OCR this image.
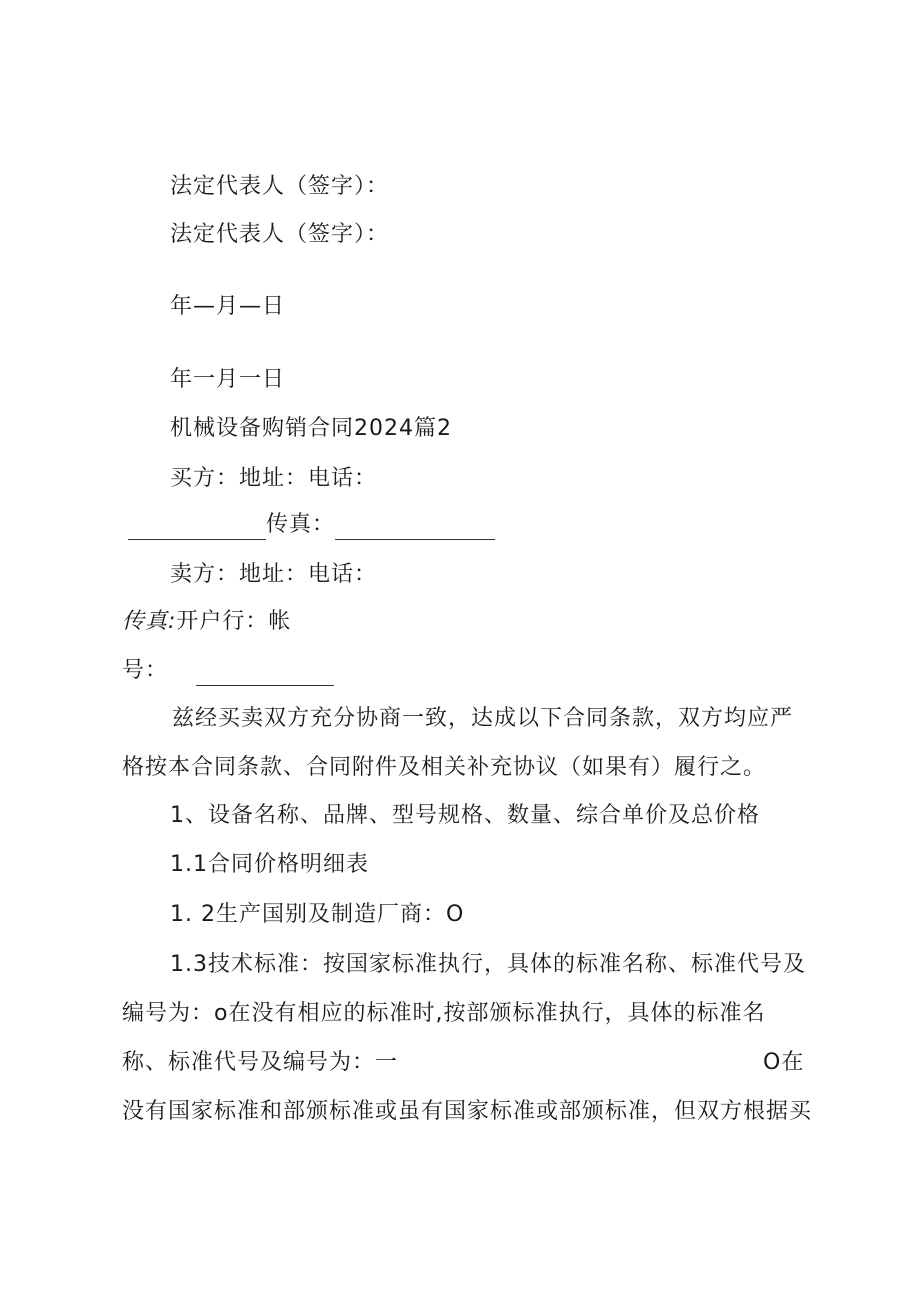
法定代表人（签字）：
法定代表人（签字）：
年—月—日
年一月一日
机械设备购销合同2024篇2
买方：地址：电话：
传真：
卖方：地址：电话：
传真:开户行：帐
号：
兹经买卖双方充分协商一致，达成以下合同条款，双方均应严
格按本合同条款、合同附件及相关补充协议（如果有）履行之。
1、设备名称、品牌、型号规格、数量、综合单价及总价格
1.1合同价格明细表
1. 2生产国别及制造厂商：O
1.3技术标准：按国家标准执行，具体的标准名称、标准代号及
编号为：o在没有相应的标准时,按部颁标准执行，具体的标准名
称、标准代号及编号为：一	O在
没有国家标准和部颁标准或虽有国家标准或部颁标准，但双方根据买
